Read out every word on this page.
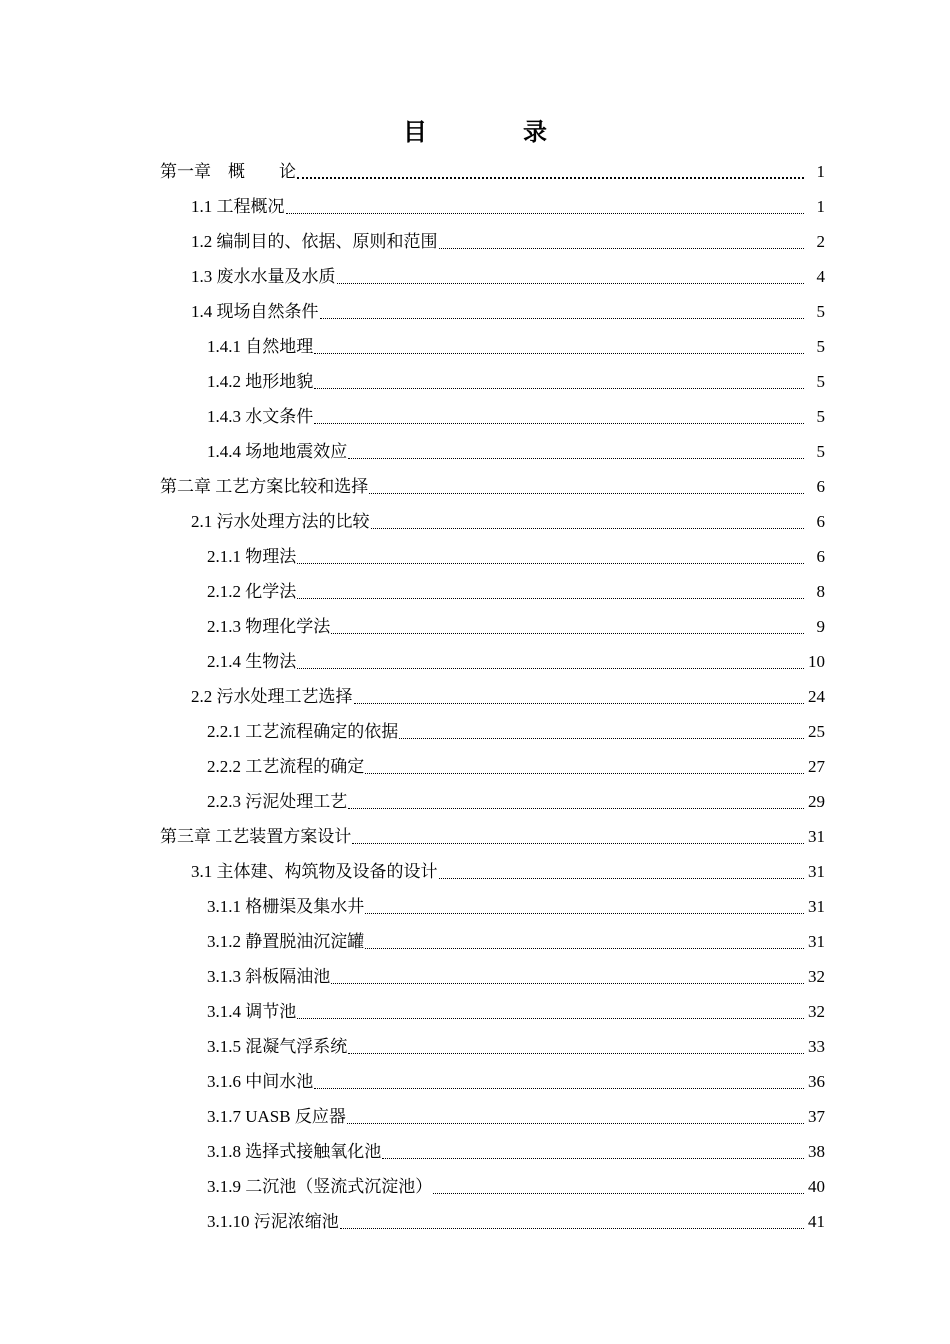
目　录
第一章　概　　论	1
1.1 工程概况	1
1.2 编制目的、依据、原则和范围	2
1.3 废水水量及水质	4
1.4 现场自然条件	5
1.4.1 自然地理	5
1.4.2 地形地貌	5
1.4.3 水文条件	5
1.4.4 场地地震效应	5
第二章 工艺方案比较和选择	6
2.1 污水处理方法的比较	6
2.1.1 物理法	6
2.1.2 化学法	8
2.1.3 物理化学法	9
2.1.4 生物法	10
2.2 污水处理工艺选择	24
2.2.1 工艺流程确定的依据	25
2.2.2 工艺流程的确定	27
2.2.3 污泥处理工艺	29
第三章 工艺装置方案设计	31
3.1 主体建、构筑物及设备的设计	31
3.1.1 格栅渠及集水井	31
3.1.2 静置脱油沉淀罐	31
3.1.3 斜板隔油池	32
3.1.4 调节池	32
3.1.5 混凝气浮系统	33
3.1.6 中间水池	36
3.1.7 UASB 反应器	37
3.1.8 选择式接触氧化池	38
3.1.9 二沉池（竖流式沉淀池）	40
3.1.10 污泥浓缩池	41
